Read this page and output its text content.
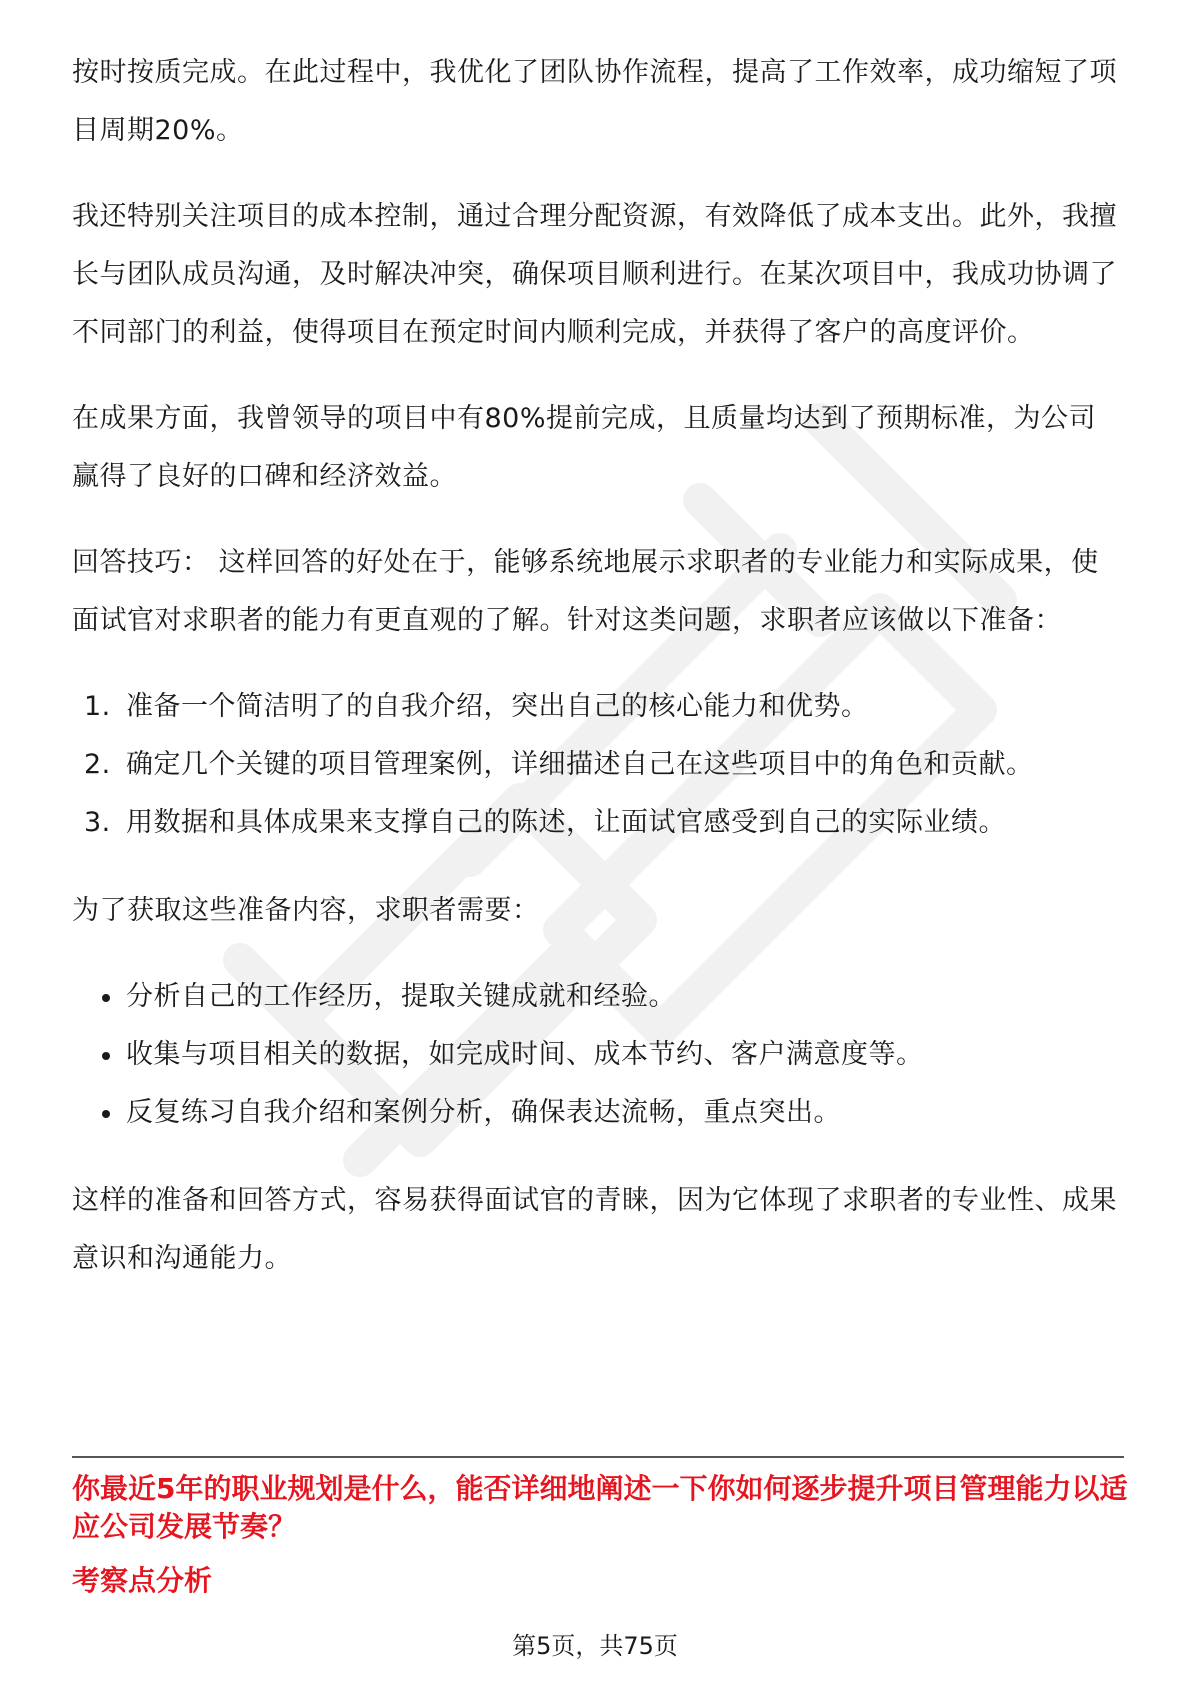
按时按质完成。在此过程中，我优化了团队协作流程，提高了工作效率，成功缩短了项目周期20%。

我还特别关注项目的成本控制，通过合理分配资源，有效降低了成本支出。此外，我擅长与团队成员沟通，及时解决冲突，确保项目顺利进行。在某次项目中，我成功协调了不同部门的利益，使得项目在预定时间内顺利完成，并获得了客户的高度评价。

在成果方面，我曾领导的项目中有80%提前完成，且质量均达到了预期标准，为公司赢得了良好的口碑和经济效益。

回答技巧： 这样回答的好处在于，能够系统地展示求职者的专业能力和实际成果，使面试官对求职者的能力有更直观的了解。针对这类问题，求职者应该做以下准备：

1. 准备一个简洁明了的自我介绍，突出自己的核心能力和优势。
2. 确定几个关键的项目管理案例，详细描述自己在这些项目中的角色和贡献。
3. 用数据和具体成果来支撑自己的陈述，让面试官感受到自己的实际业绩。

为了获取这些准备内容，求职者需要：

分析自己的工作经历，提取关键成就和经验。
收集与项目相关的数据，如完成时间、成本节约、客户满意度等。
反复练习自我介绍和案例分析，确保表达流畅，重点突出。

这样的准备和回答方式，容易获得面试官的青睐，因为它体现了求职者的专业性、成果意识和沟通能力。

你最近5年的职业规划是什么，能否详细地阐述一下你如何逐步提升项目管理能力以适应公司发展节奏？

考察点分析

第5页，共75页
